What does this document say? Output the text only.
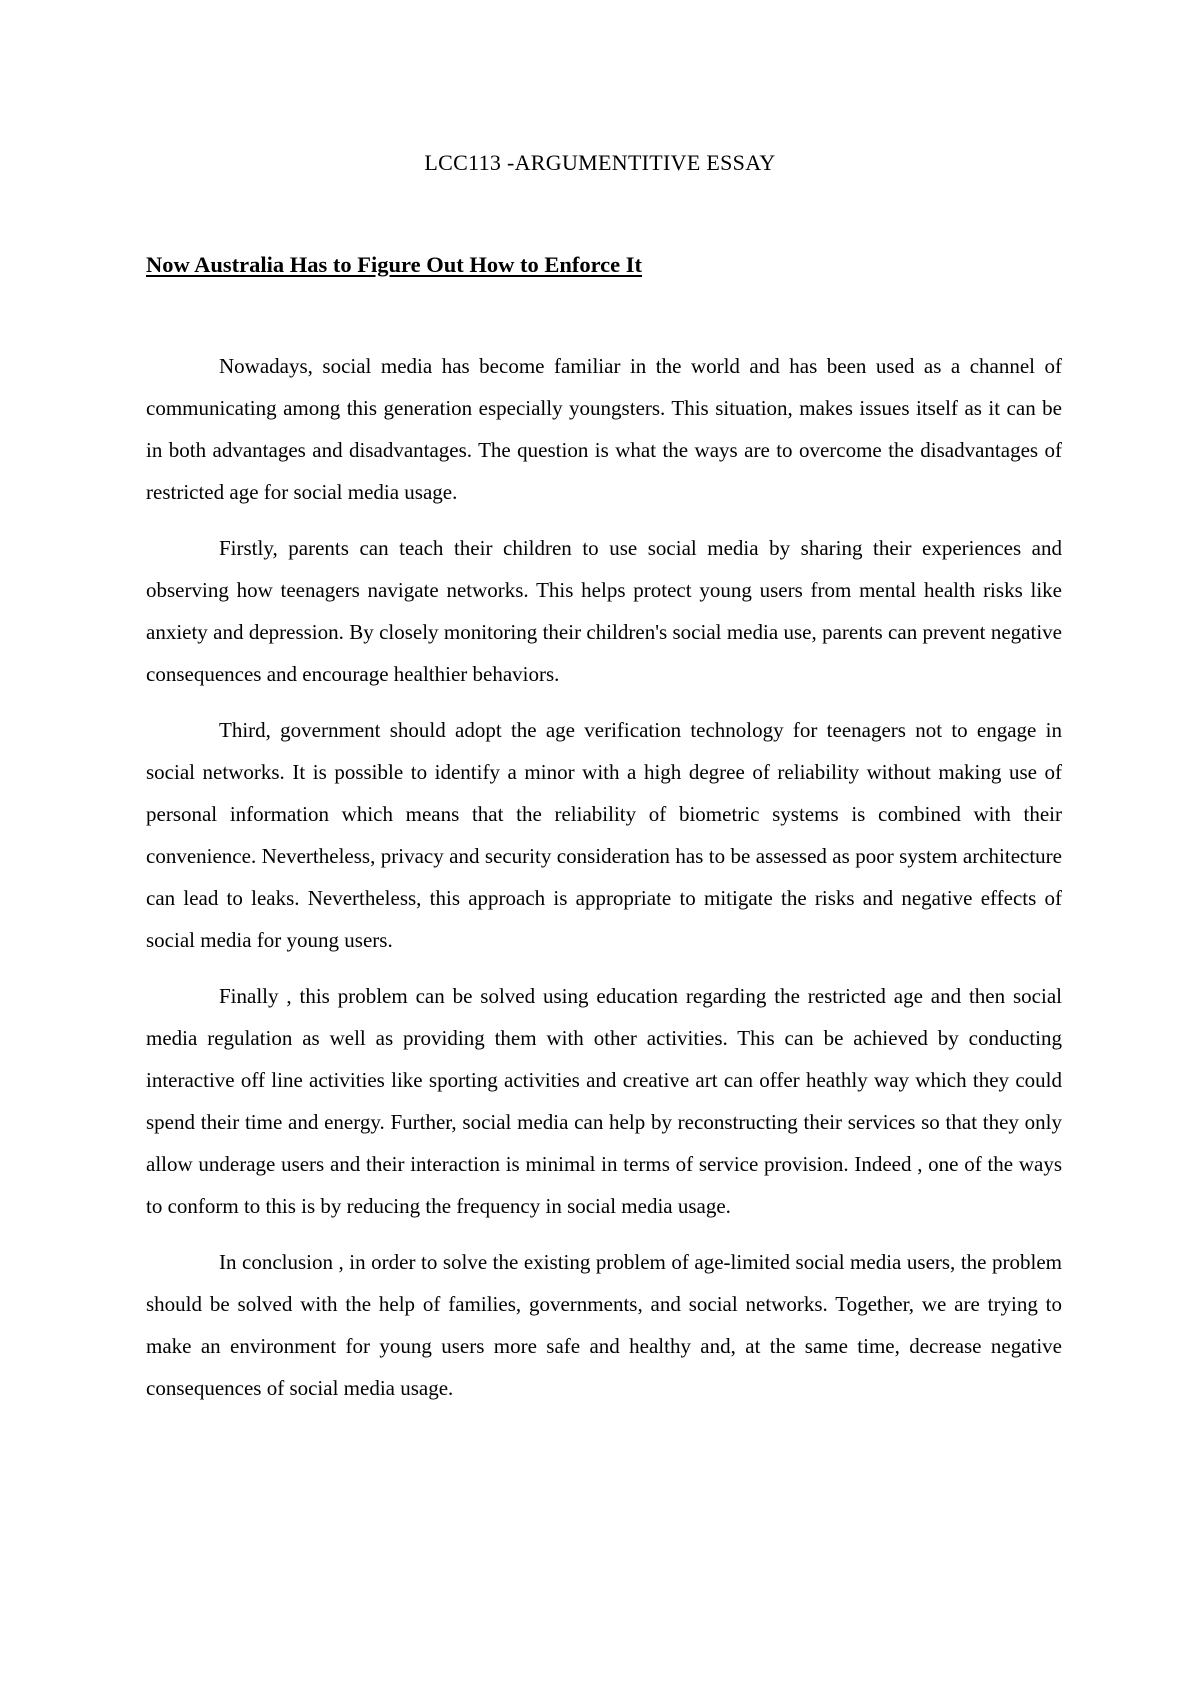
LCC113 -ARGUMENTITIVE ESSAY
Now Australia Has to Figure Out How to Enforce It

Nowadays, social media has become familiar in the world and has been used as a channel of communicating among this generation especially youngsters. This situation, makes issues itself as it can be in both advantages and disadvantages. The question is what the ways are to overcome the disadvantages of restricted age for social media usage.

Firstly, parents can teach their children to use social media by sharing their experiences and observing how teenagers navigate networks. This helps protect young users from mental health risks like anxiety and depression. By closely monitoring their children's social media use, parents can prevent negative consequences and encourage healthier behaviors.

Third, government should adopt the age verification technology for teenagers not to engage in social networks. It is possible to identify a minor with a high degree of reliability without making use of personal information which means that the reliability of biometric systems is combined with their convenience. Nevertheless, privacy and security consideration has to be assessed as poor system architecture can lead to leaks. Nevertheless, this approach is appropriate to mitigate the risks and negative effects of social media for young users.

Finally , this problem can be solved using education regarding the restricted age and then social media regulation as well as providing them with other activities. This can be achieved by conducting interactive off line activities like sporting activities and creative art can offer heathly way which they could spend their time and energy. Further, social media can help by reconstructing their services so that they only allow underage users and their interaction is minimal in terms of service provision. Indeed , one of the ways to conform to this is by reducing the frequency in social media usage.

In conclusion , in order to solve the existing problem of age-limited social media users, the problem should be solved with the help of families, governments, and social networks. Together, we are trying to make an environment for young users more safe and healthy and, at the same time, decrease negative consequences of social media usage.
